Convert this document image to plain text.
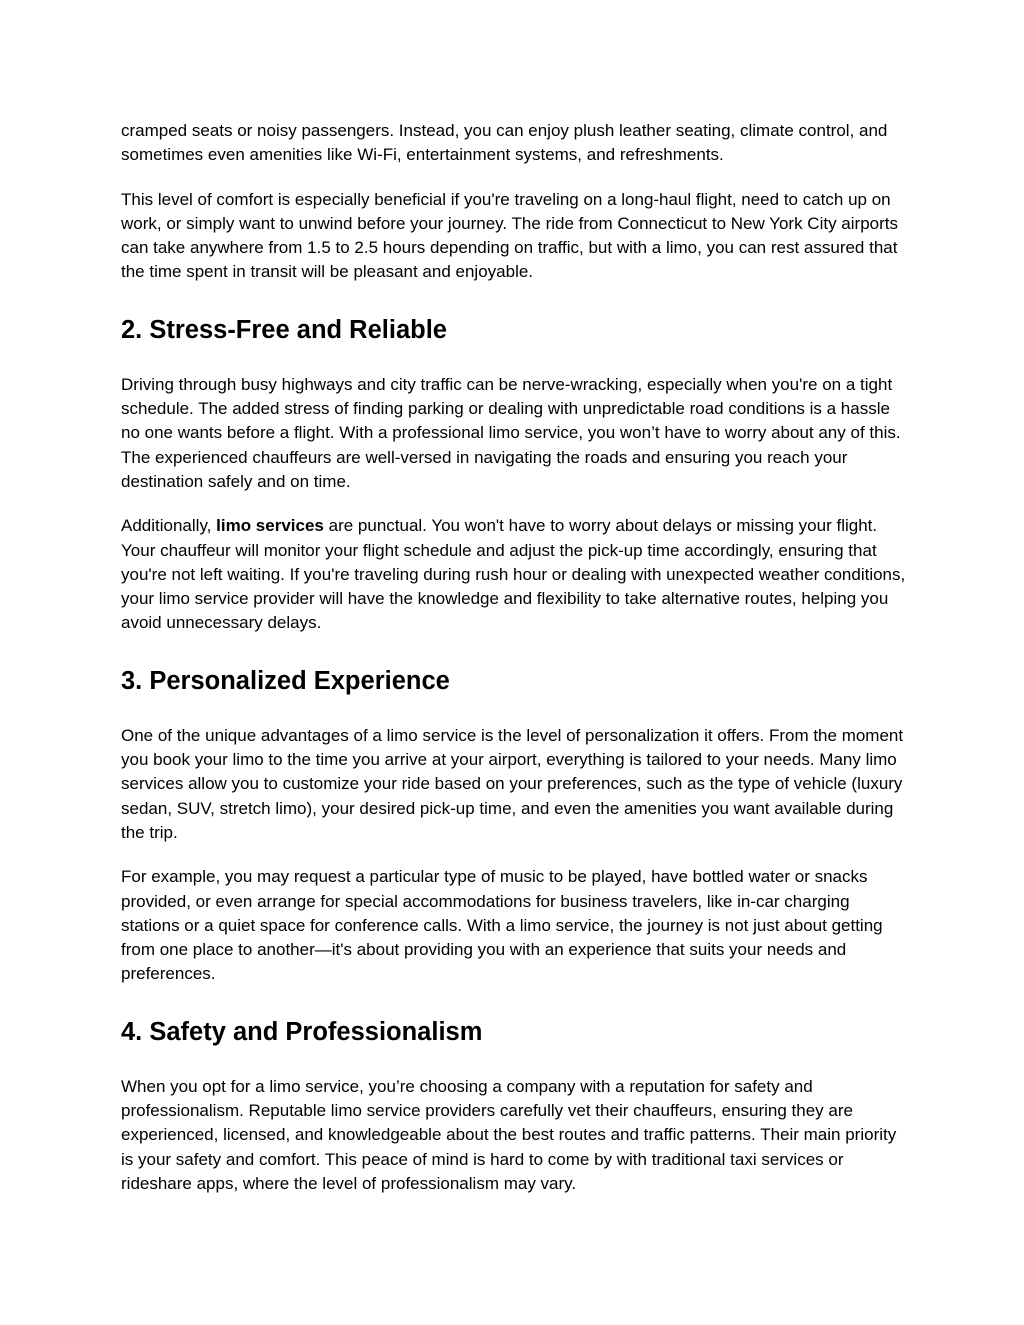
cramped seats or noisy passengers. Instead, you can enjoy plush leather seating, climate control, and sometimes even amenities like Wi-Fi, entertainment systems, and refreshments.

This level of comfort is especially beneficial if you're traveling on a long-haul flight, need to catch up on work, or simply want to unwind before your journey. The ride from Connecticut to New York City airports can take anywhere from 1.5 to 2.5 hours depending on traffic, but with a limo, you can rest assured that the time spent in transit will be pleasant and enjoyable.

2. Stress-Free and Reliable

Driving through busy highways and city traffic can be nerve-wracking, especially when you're on a tight schedule. The added stress of finding parking or dealing with unpredictable road conditions is a hassle no one wants before a flight. With a professional limo service, you won’t have to worry about any of this. The experienced chauffeurs are well-versed in navigating the roads and ensuring you reach your destination safely and on time.

Additionally, limo services are punctual. You won't have to worry about delays or missing your flight. Your chauffeur will monitor your flight schedule and adjust the pick-up time accordingly, ensuring that you're not left waiting. If you're traveling during rush hour or dealing with unexpected weather conditions, your limo service provider will have the knowledge and flexibility to take alternative routes, helping you avoid unnecessary delays.

3. Personalized Experience

One of the unique advantages of a limo service is the level of personalization it offers. From the moment you book your limo to the time you arrive at your airport, everything is tailored to your needs. Many limo services allow you to customize your ride based on your preferences, such as the type of vehicle (luxury sedan, SUV, stretch limo), your desired pick-up time, and even the amenities you want available during the trip.

For example, you may request a particular type of music to be played, have bottled water or snacks provided, or even arrange for special accommodations for business travelers, like in-car charging stations or a quiet space for conference calls. With a limo service, the journey is not just about getting from one place to another—it's about providing you with an experience that suits your needs and preferences.

4. Safety and Professionalism

When you opt for a limo service, you’re choosing a company with a reputation for safety and professionalism. Reputable limo service providers carefully vet their chauffeurs, ensuring they are experienced, licensed, and knowledgeable about the best routes and traffic patterns. Their main priority is your safety and comfort. This peace of mind is hard to come by with traditional taxi services or rideshare apps, where the level of professionalism may vary.
